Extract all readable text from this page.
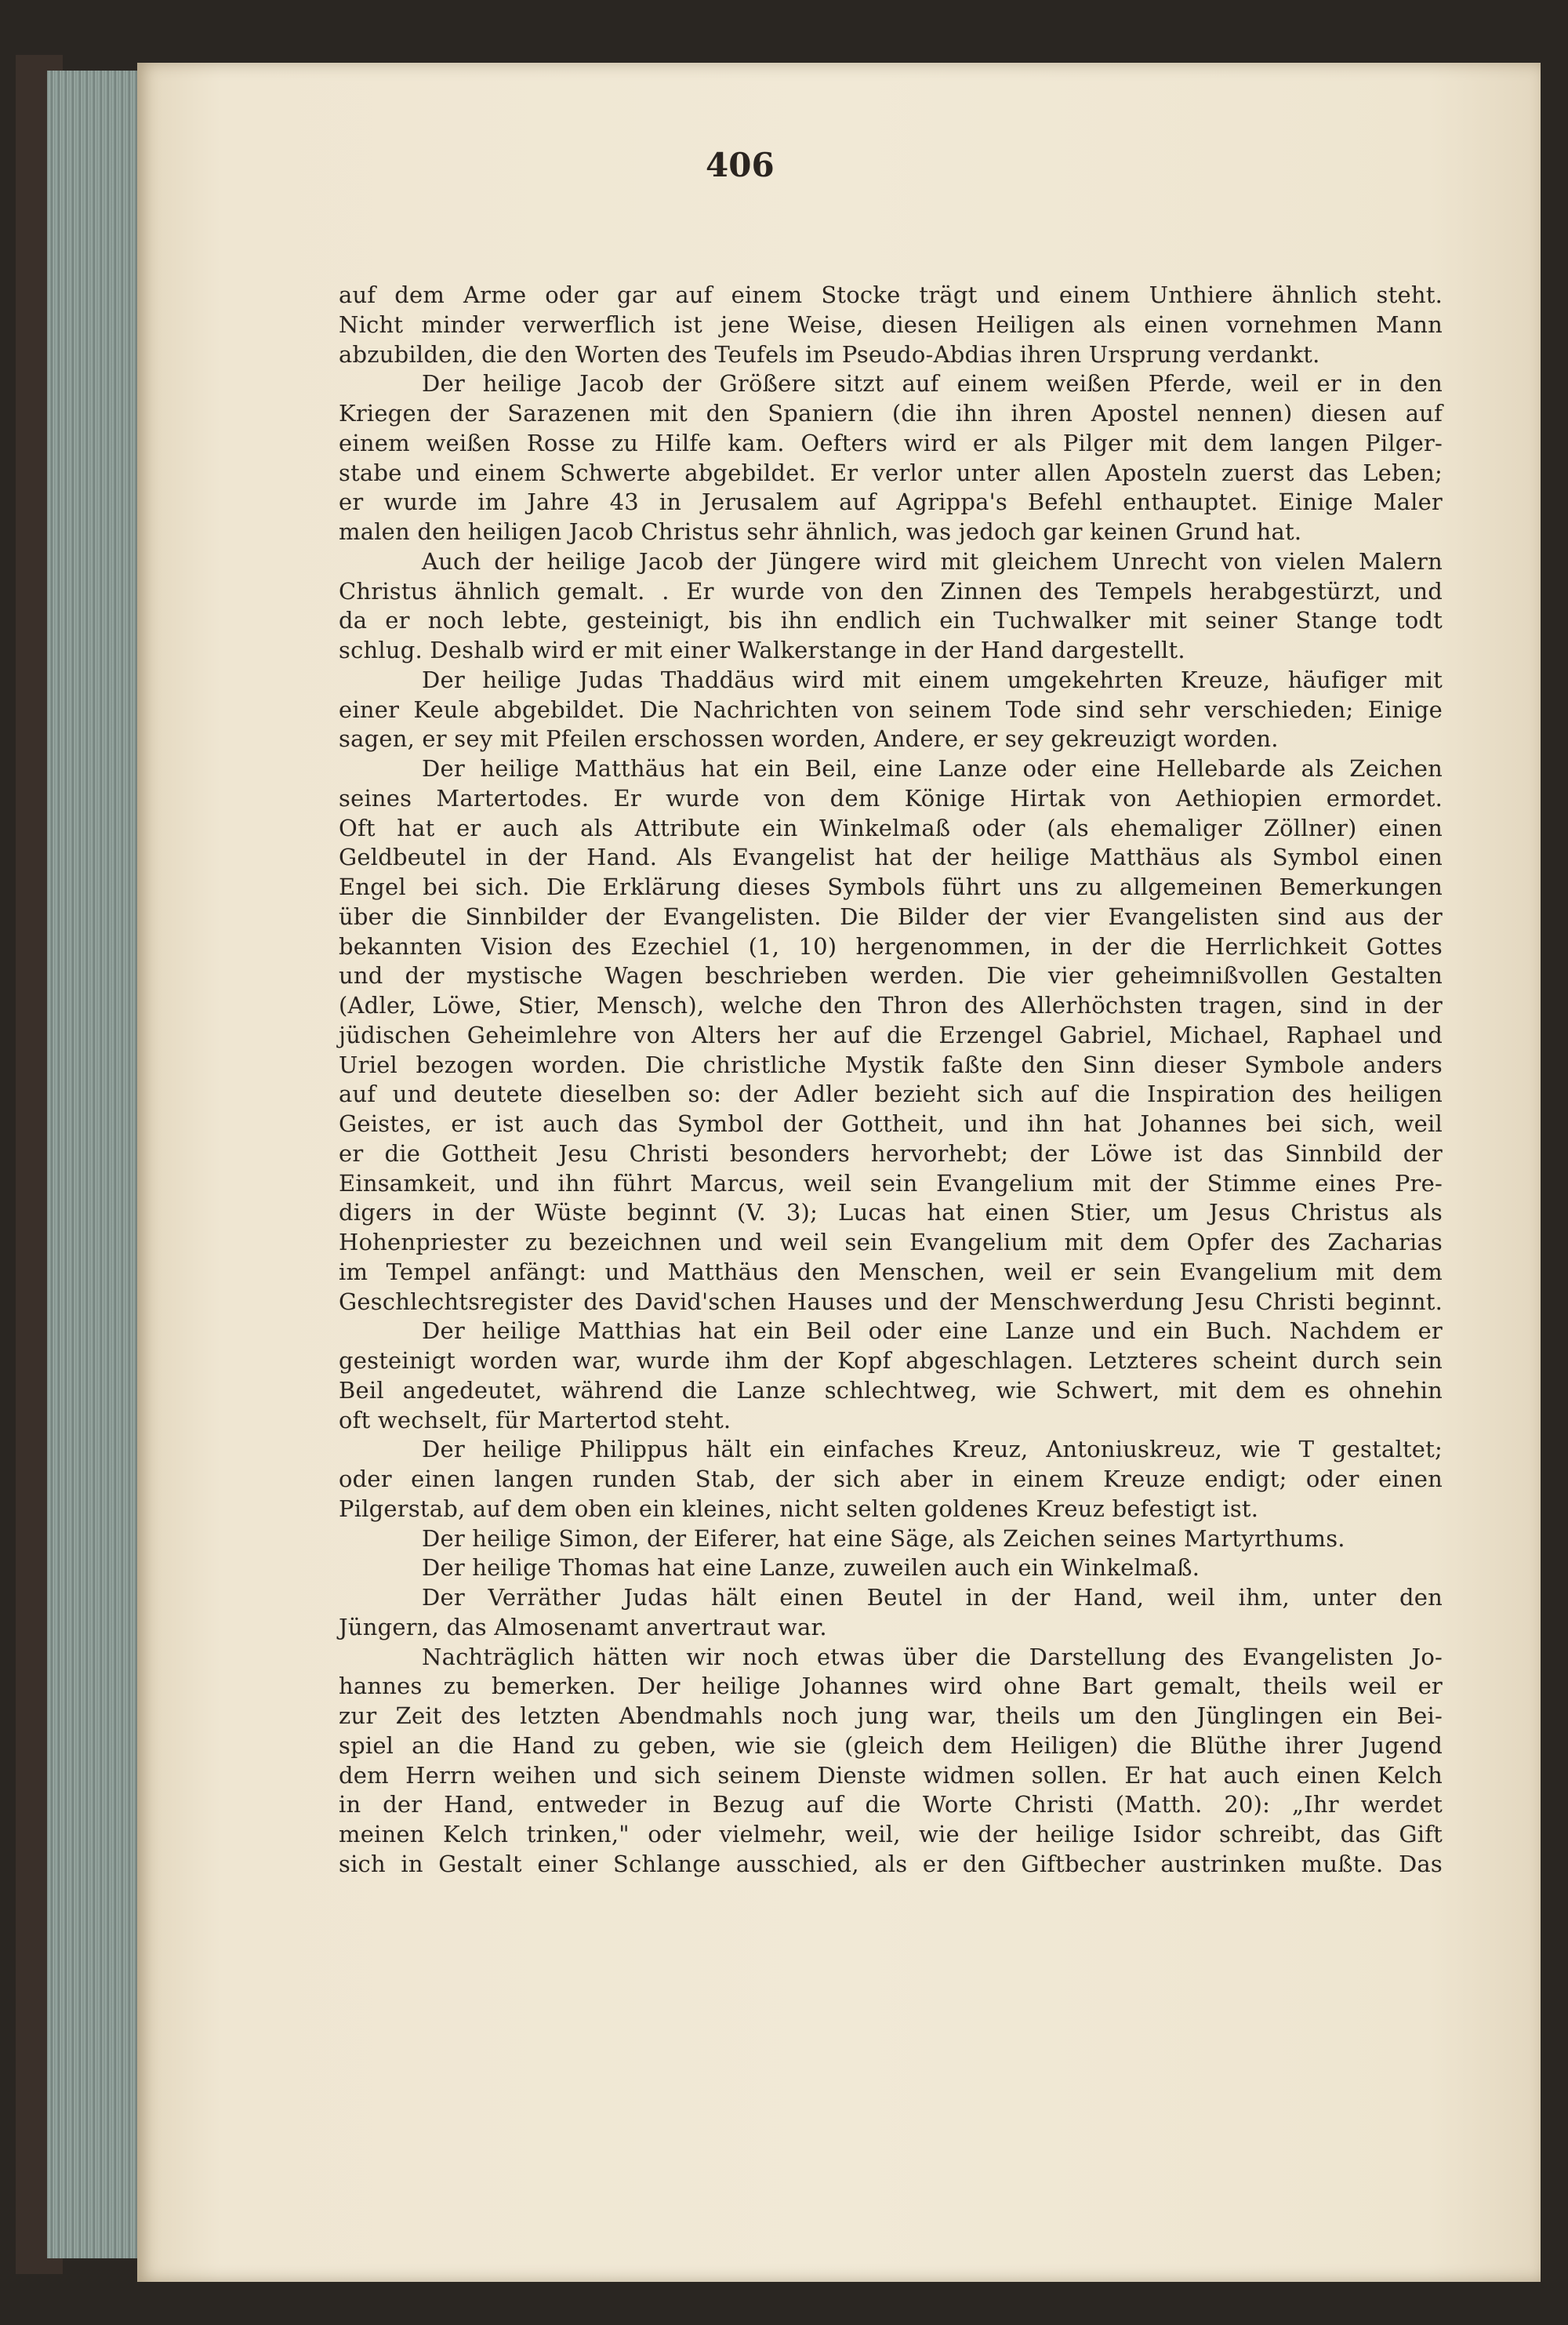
406
auf dem Arme oder gar auf einem Stocke trägt und einem Unthiere ähnlich steht.
Nicht minder verwerflich ist jene Weise, diesen Heiligen als einen vornehmen Mann
abzubilden, die den Worten des Teufels im Pseudo-Abdias ihren Ursprung verdankt.
Der heilige Jacob der Größere sitzt auf einem weißen Pferde, weil er in den
Kriegen der Sarazenen mit den Spaniern (die ihn ihren Apostel nennen) diesen auf
einem weißen Rosse zu Hilfe kam. Oefters wird er als Pilger mit dem langen Pilger-
stabe und einem Schwerte abgebildet. Er verlor unter allen Aposteln zuerst das Leben;
er wurde im Jahre 43 in Jerusalem auf Agrippa's Befehl enthauptet. Einige Maler
malen den heiligen Jacob Christus sehr ähnlich, was jedoch gar keinen Grund hat.
Auch der heilige Jacob der Jüngere wird mit gleichem Unrecht von vielen Malern
Christus ähnlich gemalt. . Er wurde von den Zinnen des Tempels herabgestürzt, und
da er noch lebte, gesteinigt, bis ihn endlich ein Tuchwalker mit seiner Stange todt
schlug. Deshalb wird er mit einer Walkerstange in der Hand dargestellt.
Der heilige Judas Thaddäus wird mit einem umgekehrten Kreuze, häufiger mit
einer Keule abgebildet. Die Nachrichten von seinem Tode sind sehr verschieden; Einige
sagen, er sey mit Pfeilen erschossen worden, Andere, er sey gekreuzigt worden.
Der heilige Matthäus hat ein Beil, eine Lanze oder eine Hellebarde als Zeichen
seines Martertodes. Er wurde von dem Könige Hirtak von Aethiopien ermordet.
Oft hat er auch als Attribute ein Winkelmaß oder (als ehemaliger Zöllner) einen
Geldbeutel in der Hand. Als Evangelist hat der heilige Matthäus als Symbol einen
Engel bei sich. Die Erklärung dieses Symbols führt uns zu allgemeinen Bemerkungen
über die Sinnbilder der Evangelisten. Die Bilder der vier Evangelisten sind aus der
bekannten Vision des Ezechiel (1, 10) hergenommen, in der die Herrlichkeit Gottes
und der mystische Wagen beschrieben werden. Die vier geheimnißvollen Gestalten
(Adler, Löwe, Stier, Mensch), welche den Thron des Allerhöchsten tragen, sind in der
jüdischen Geheimlehre von Alters her auf die Erzengel Gabriel, Michael, Raphael und
Uriel bezogen worden. Die christliche Mystik faßte den Sinn dieser Symbole anders
auf und deutete dieselben so: der Adler bezieht sich auf die Inspiration des heiligen
Geistes, er ist auch das Symbol der Gottheit, und ihn hat Johannes bei sich, weil
er die Gottheit Jesu Christi besonders hervorhebt; der Löwe ist das Sinnbild der
Einsamkeit, und ihn führt Marcus, weil sein Evangelium mit der Stimme eines Pre-
digers in der Wüste beginnt (V. 3); Lucas hat einen Stier, um Jesus Christus als
Hohenpriester zu bezeichnen und weil sein Evangelium mit dem Opfer des Zacharias
im Tempel anfängt: und Matthäus den Menschen, weil er sein Evangelium mit dem
Geschlechtsregister des David'schen Hauses und der Menschwerdung Jesu Christi beginnt.
Der heilige Matthias hat ein Beil oder eine Lanze und ein Buch. Nachdem er
gesteinigt worden war, wurde ihm der Kopf abgeschlagen. Letzteres scheint durch sein
Beil angedeutet, während die Lanze schlechtweg, wie Schwert, mit dem es ohnehin
oft wechselt, für Martertod steht.
Der heilige Philippus hält ein einfaches Kreuz, Antoniuskreuz, wie T gestaltet;
oder einen langen runden Stab, der sich aber in einem Kreuze endigt; oder einen
Pilgerstab, auf dem oben ein kleines, nicht selten goldenes Kreuz befestigt ist.
Der heilige Simon, der Eiferer, hat eine Säge, als Zeichen seines Martyrthums.
Der heilige Thomas hat eine Lanze, zuweilen auch ein Winkelmaß.
Der Verräther Judas hält einen Beutel in der Hand, weil ihm, unter den
Jüngern, das Almosenamt anvertraut war.
Nachträglich hätten wir noch etwas über die Darstellung des Evangelisten Jo-
hannes zu bemerken. Der heilige Johannes wird ohne Bart gemalt, theils weil er
zur Zeit des letzten Abendmahls noch jung war, theils um den Jünglingen ein Bei-
spiel an die Hand zu geben, wie sie (gleich dem Heiligen) die Blüthe ihrer Jugend
dem Herrn weihen und sich seinem Dienste widmen sollen. Er hat auch einen Kelch
in der Hand, entweder in Bezug auf die Worte Christi (Matth. 20): „Ihr werdet
meinen Kelch trinken," oder vielmehr, weil, wie der heilige Isidor schreibt, das Gift
sich in Gestalt einer Schlange ausschied, als er den Giftbecher austrinken mußte. Das
